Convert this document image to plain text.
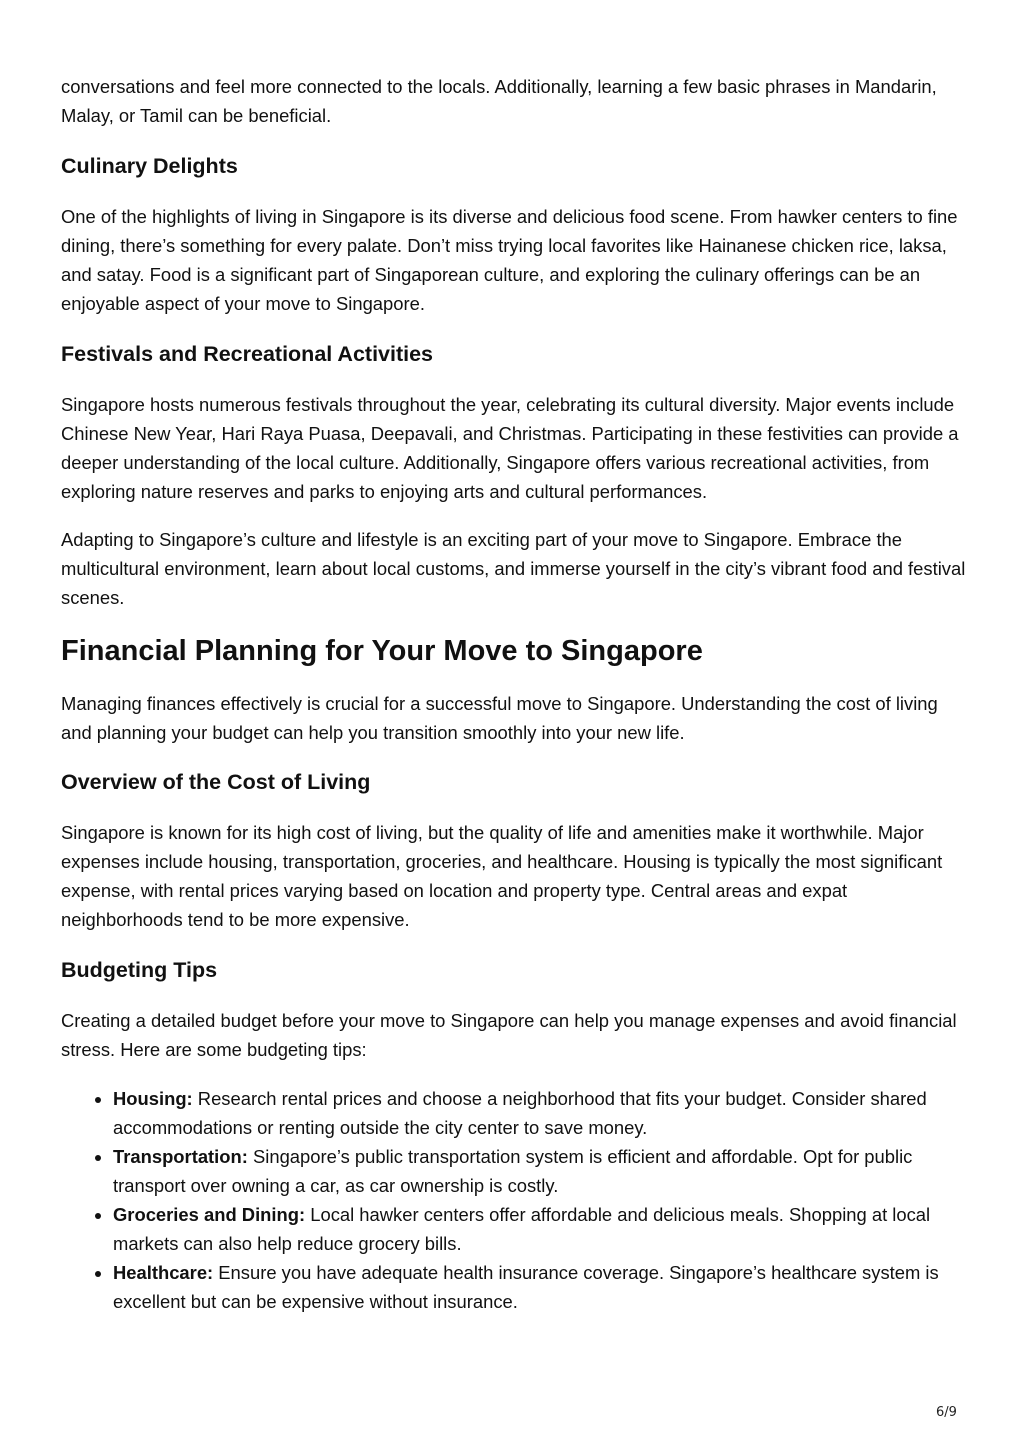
conversations and feel more connected to the locals. Additionally, learning a few basic phrases in Mandarin, Malay, or Tamil can be beneficial.

Culinary Delights

One of the highlights of living in Singapore is its diverse and delicious food scene. From hawker centers to fine dining, there’s something for every palate. Don’t miss trying local favorites like Hainanese chicken rice, laksa, and satay. Food is a significant part of Singaporean culture, and exploring the culinary offerings can be an enjoyable aspect of your move to Singapore.

Festivals and Recreational Activities

Singapore hosts numerous festivals throughout the year, celebrating its cultural diversity. Major events include Chinese New Year, Hari Raya Puasa, Deepavali, and Christmas. Participating in these festivities can provide a deeper understanding of the local culture. Additionally, Singapore offers various recreational activities, from exploring nature reserves and parks to enjoying arts and cultural performances.

Adapting to Singapore’s culture and lifestyle is an exciting part of your move to Singapore. Embrace the multicultural environment, learn about local customs, and immerse yourself in the city’s vibrant food and festival scenes.

Financial Planning for Your Move to Singapore

Managing finances effectively is crucial for a successful move to Singapore. Understanding the cost of living and planning your budget can help you transition smoothly into your new life.

Overview of the Cost of Living

Singapore is known for its high cost of living, but the quality of life and amenities make it worthwhile. Major expenses include housing, transportation, groceries, and healthcare. Housing is typically the most significant expense, with rental prices varying based on location and property type. Central areas and expat neighborhoods tend to be more expensive.

Budgeting Tips

Creating a detailed budget before your move to Singapore can help you manage expenses and avoid financial stress. Here are some budgeting tips:

• Housing: Research rental prices and choose a neighborhood that fits your budget. Consider shared accommodations or renting outside the city center to save money.
• Transportation: Singapore’s public transportation system is efficient and affordable. Opt for public transport over owning a car, as car ownership is costly.
• Groceries and Dining: Local hawker centers offer affordable and delicious meals. Shopping at local markets can also help reduce grocery bills.
• Healthcare: Ensure you have adequate health insurance coverage. Singapore’s healthcare system is excellent but can be expensive without insurance.
6/9
